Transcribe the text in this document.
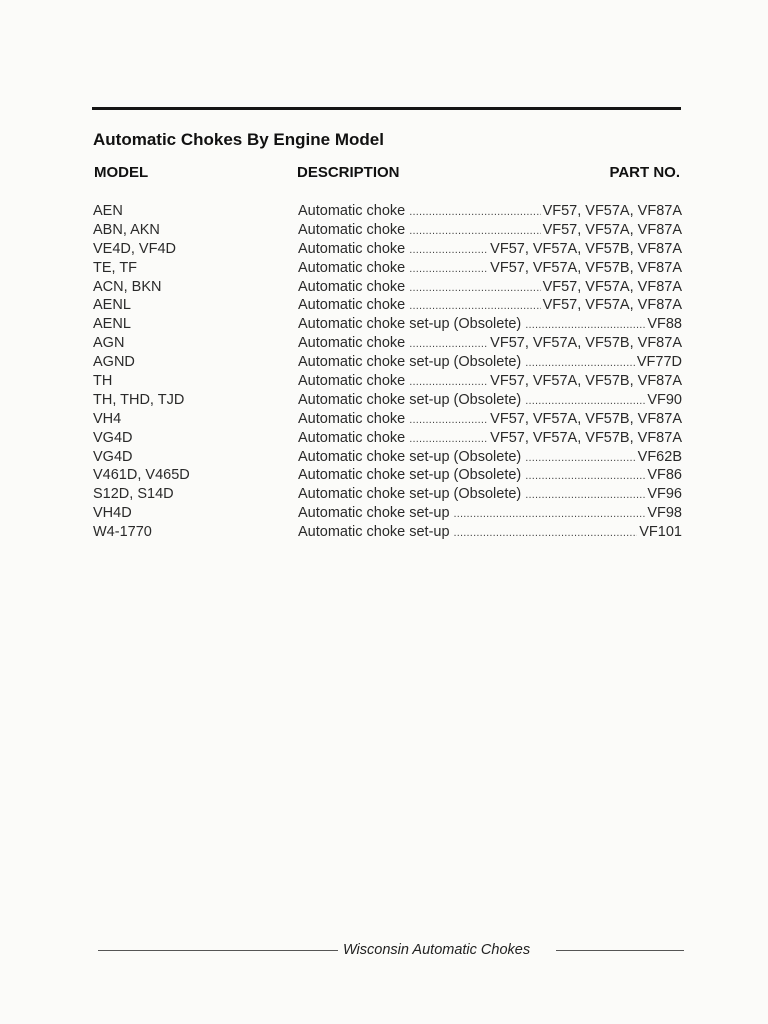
Automatic Chokes By Engine Model
MODEL	DESCRIPTION	PART NO.
AEN	Automatic choke .....	VF57, VF57A, VF87A
ABN, AKN	Automatic choke .....	VF57, VF57A, VF87A
VE4D, VF4D	Automatic choke .....	VF57, VF57A, VF57B, VF87A
TE, TF	Automatic choke .....	VF57, VF57A, VF57B, VF87A
ACN, BKN	Automatic choke .....	VF57, VF57A, VF87A
AENL	Automatic choke .....	VF57, VF57A, VF87A
AENL	Automatic choke set-up (Obsolete) .....	VF88
AGN	Automatic choke .....	VF57, VF57A, VF57B, VF87A
AGND	Automatic choke set-up (Obsolete) .....	VF77D
TH	Automatic choke .....	VF57, VF57A, VF57B, VF87A
TH, THD, TJD	Automatic choke set-up (Obsolete) .....	VF90
VH4	Automatic choke .....	VF57, VF57A, VF57B, VF87A
VG4D	Automatic choke .....	VF57, VF57A, VF57B, VF87A
VG4D	Automatic choke set-up (Obsolete) .....	VF62B
V461D, V465D	Automatic choke set-up (Obsolete) .....	VF86
S12D, S14D	Automatic choke set-up (Obsolete) .....	VF96
VH4D	Automatic choke set-up .....	VF98
W4-1770	Automatic choke set-up .....	VF101
Wisconsin Automatic Chokes
